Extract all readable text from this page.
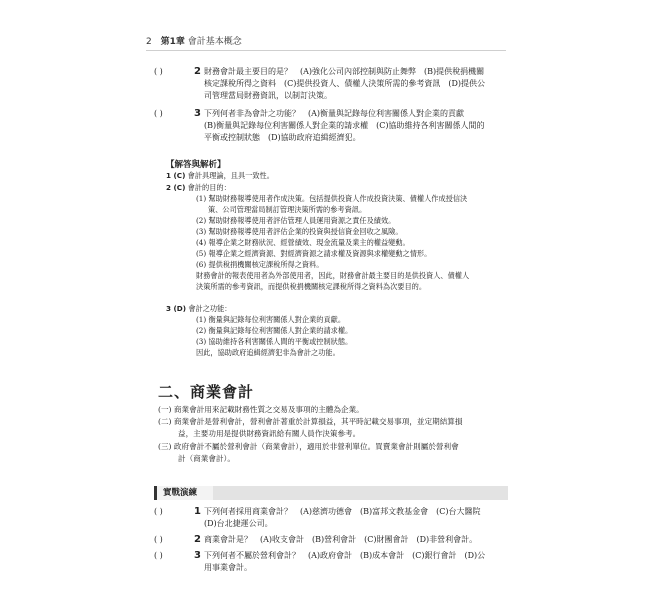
2 第1章 會計基本概念
( )	2 財務會計最主要目的是？　(A)強化公司內部控制與防止舞弊　(B)提供稅捐機關
核定課稅所得之資料　(C)提供投資人、債權人決策所需的參考資訊　(D)提供公
司管理當局財務資訊，以制訂決策。
( )	3 下列何者非為會計之功能？　(A)衡量與記錄每位利害關係人對企業的貢獻
(B)衡量與記錄每位利害關係人對企業的請求權　(C)協助維持各利害關係人間的
平衡或控制狀態　(D)協助政府追緝經濟犯。
【解答與解析】
1 (C) 會計具理論，且具一致性。
2 (C) 會計的目的：
(1) 幫助財務報導使用者作成決策。包括提供投資人作成投資決策、債權人作成授信決
策、公司管理當局制訂管理決策所需的參考資訊。
(2) 幫助財務報導使用者評估管理人員運用資源之責任及績效。
(3) 幫助財務報導使用者評估企業的投資與授信資金回收之風險。
(4) 報導企業之財務狀況、經營績效、現金流量及業主的權益變動。
(5) 報導企業之經濟資源、對經濟資源之請求權及資源與求權變動之情形。
(6) 提供稅捐機關核定課稅所得之資料。
財務會計的報表使用者為外部使用者，因此，財務會計最主要目的是供投資人、債權人
決策所需的參考資訊，而提供稅捐機關核定課稅所得之資料為次要目的。
3 (D) 會計之功能：
(1) 衡量與記錄每位利害關係人對企業的貢獻。
(2) 衡量與記錄每位利害關係人對企業的請求權。
(3) 協助維持各利害關係人間的平衡或控制狀態。
因此，協助政府追緝經濟犯非為會計之功能。
二、商業會計
(一) 商業會計用來記載財務性質之交易及事項的主體為企業。
(二) 商業會計是營利會計，營利會計著重於計算損益，其平時記載交易事項，並定期結算損
益，主要功用是提供財務資訊給有關人員作決策參考。
(三) 政府會計不屬於營利會計（商業會計），適用於非營利單位。買賣業會計則屬於營利會
計（商業會計）。
實戰演練
( )	1 下列何者採用商業會計？　(A)慈濟功德會　(B)富邦文教基金會　(C)台大醫院
(D)台北捷運公司。
( )	2 商業會計是？　(A)收支會計　(B)營利會計　(C)財團會計　(D)非營利會計。
( )	3 下列何者不屬於營利會計？　(A)政府會計　(B)成本會計　(C)銀行會計　(D)公
用事業會計。
